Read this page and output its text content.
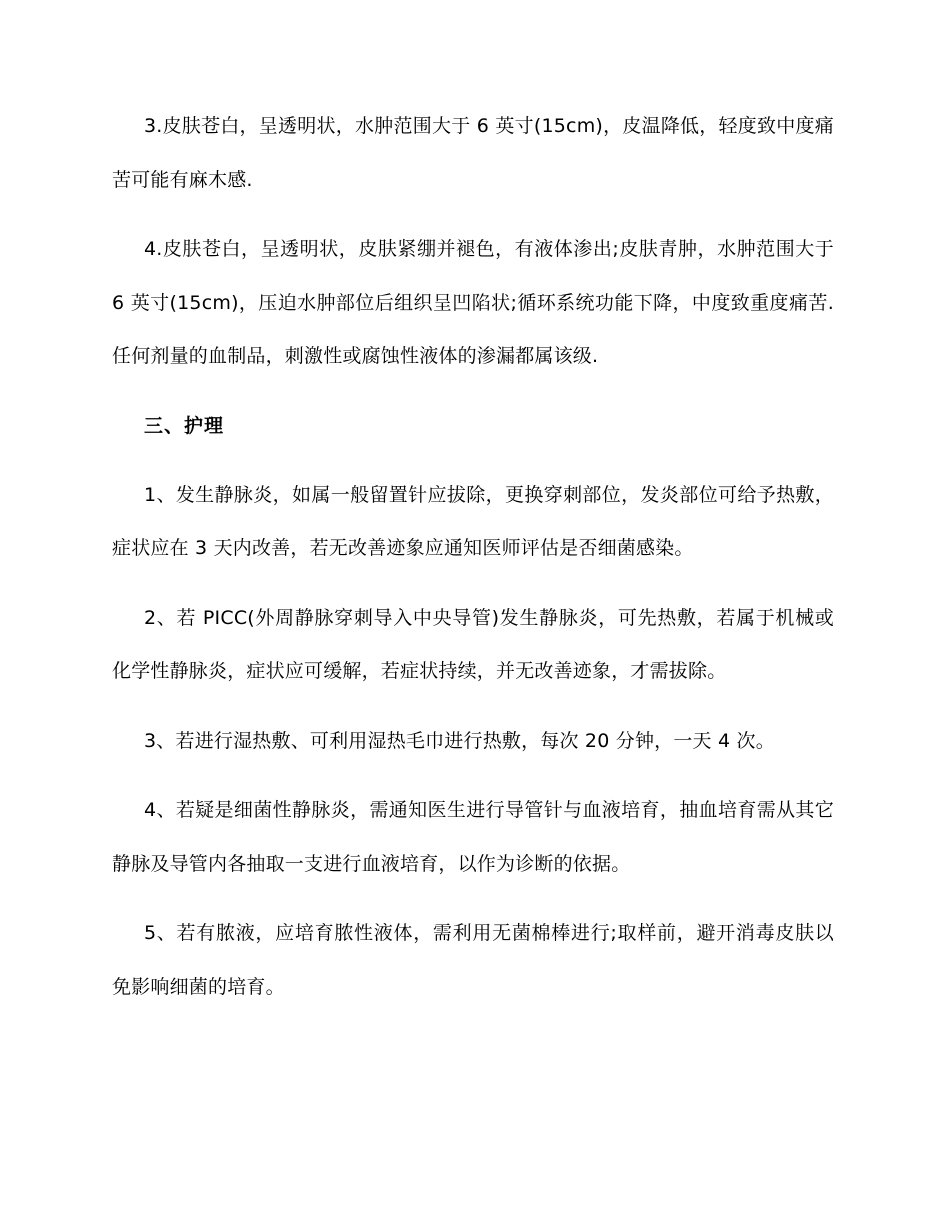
3.皮肤苍白，呈透明状，水肿范围大于 6 英寸(15cm)，皮温降低，轻度致中度痛苦可能有麻木感.

4.皮肤苍白，呈透明状，皮肤紧绷并褪色，有液体渗出;皮肤青肿，水肿范围大于 6 英寸(15cm)，压迫水肿部位后组织呈凹陷状;循环系统功能下降，中度致重度痛苦.任何剂量的血制品，刺激性或腐蚀性液体的渗漏都属该级.

三、护理

1、发生静脉炎，如属一般留置针应拔除，更换穿刺部位，发炎部位可给予热敷，症状应在 3 天内改善，若无改善迹象应通知医师评估是否细菌感染。

2、若 PICC(外周静脉穿刺导入中央导管)发生静脉炎，可先热敷，若属于机械或化学性静脉炎，症状应可缓解，若症状持续，并无改善迹象，才需拔除。

3、若进行湿热敷、可利用湿热毛巾进行热敷，每次 20 分钟，一天 4 次。

4、若疑是细菌性静脉炎，需通知医生进行导管针与血液培育，抽血培育需从其它静脉及导管内各抽取一支进行血液培育，以作为诊断的依据。

5、若有脓液，应培育脓性液体，需利用无菌棉棒进行;取样前，避开消毒皮肤以免影响细菌的培育。
